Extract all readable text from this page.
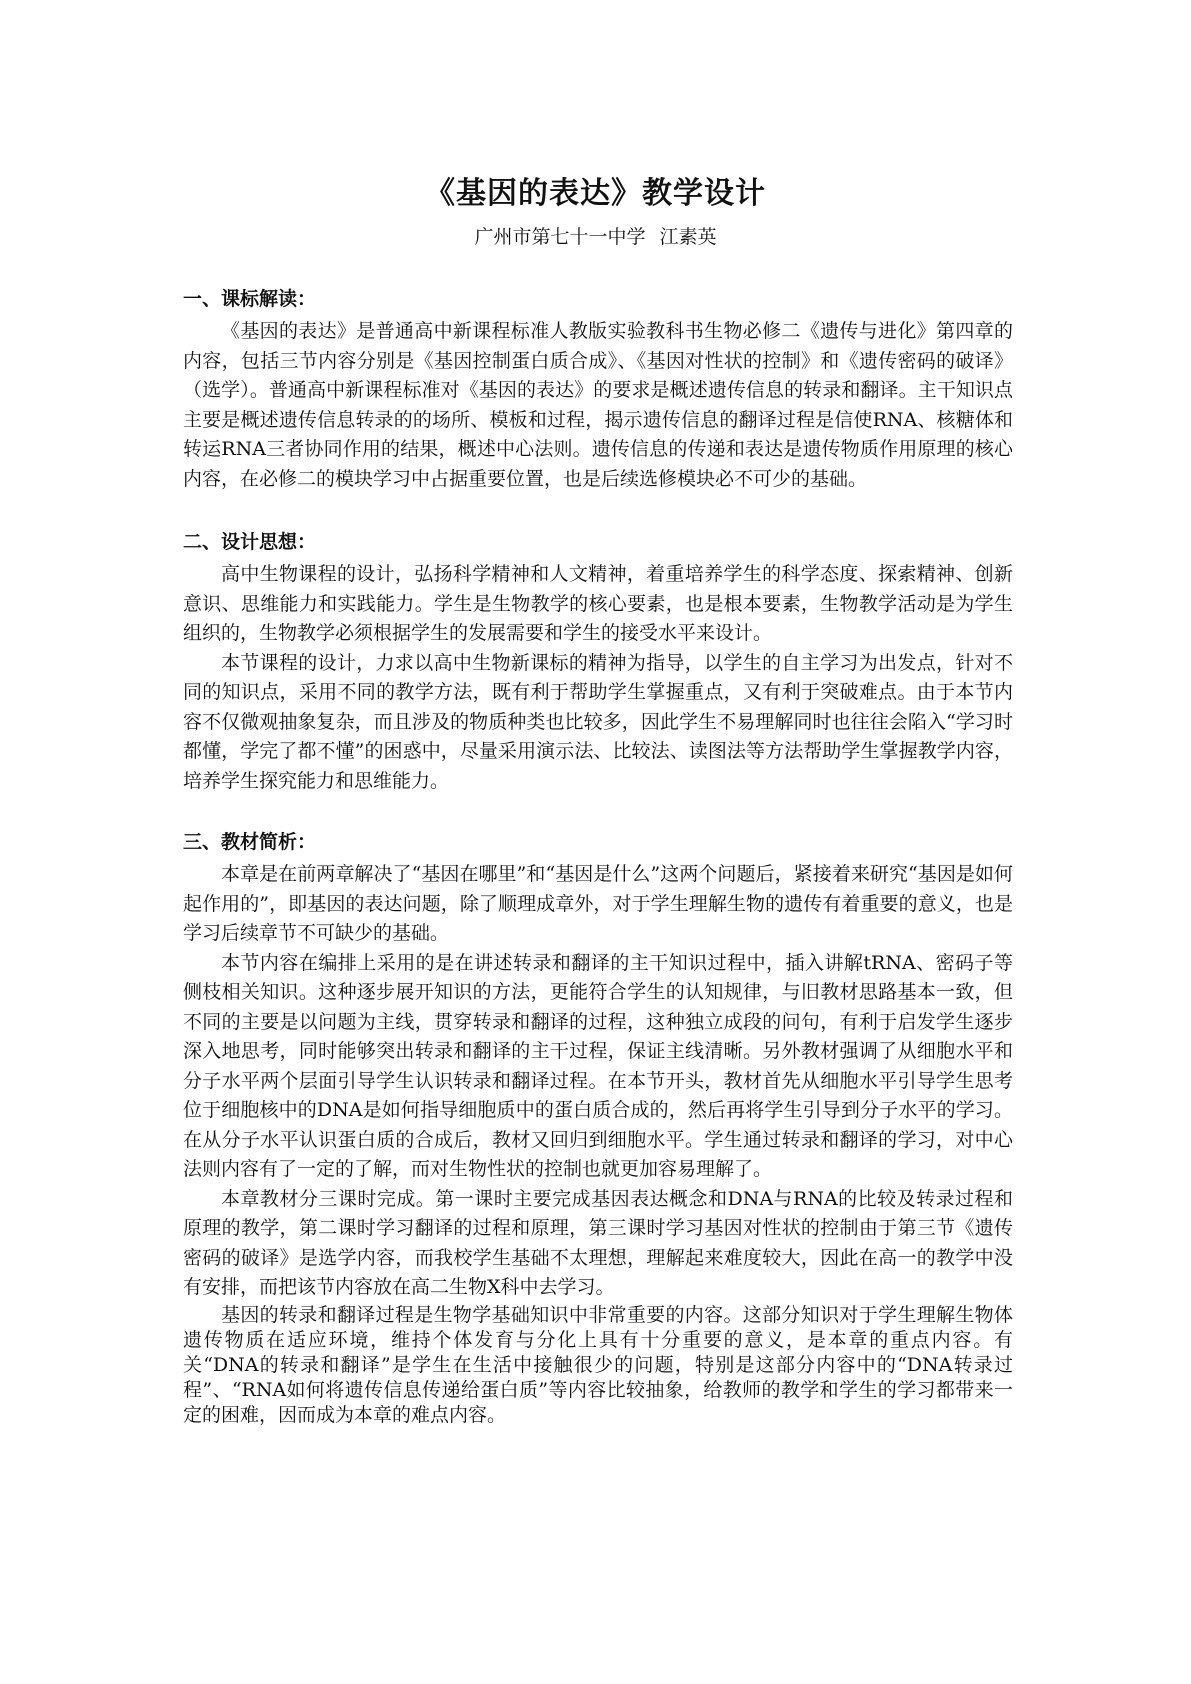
《基因的表达》教学设计

广州市第七十一中学 江素英

一、课标解读：

《基因的表达》是普通高中新课程标准人教版实验教科书生物必修二《遗传与进化》第四章的内容，包括三节内容分别是《基因控制蛋白质合成》、《基因对性状的控制》和《遗传密码的破译》（选学）。普通高中新课程标准对《基因的表达》的要求是概述遗传信息的转录和翻译。主干知识点主要是概述遗传信息转录的的场所、模板和过程，揭示遗传信息的翻译过程是信使RNA、核糖体和转运RNA三者协同作用的结果，概述中心法则。遗传信息的传递和表达是遗传物质作用原理的核心内容，在必修二的模块学习中占据重要位置，也是后续选修模块必不可少的基础。

二、设计思想：

高中生物课程的设计，弘扬科学精神和人文精神，着重培养学生的科学态度、探索精神、创新意识、思维能力和实践能力。学生是生物教学的核心要素，也是根本要素，生物教学活动是为学生组织的，生物教学必须根据学生的发展需要和学生的接受水平来设计。

本节课程的设计，力求以高中生物新课标的精神为指导，以学生的自主学习为出发点，针对不同的知识点，采用不同的教学方法，既有利于帮助学生掌握重点，又有利于突破难点。由于本节内容不仅微观抽象复杂，而且涉及的物质种类也比较多，因此学生不易理解同时也往往会陷入“学习时都懂，学完了都不懂”的困惑中，尽量采用演示法、比较法、读图法等方法帮助学生掌握教学内容，培养学生探究能力和思维能力。

三、教材简析：

本章是在前两章解决了“基因在哪里”和“基因是什么”这两个问题后，紧接着来研究“基因是如何起作用的”，即基因的表达问题，除了顺理成章外，对于学生理解生物的遗传有着重要的意义，也是学习后续章节不可缺少的基础。

本节内容在编排上采用的是在讲述转录和翻译的主干知识过程中，插入讲解tRNA、密码子等侧枝相关知识。这种逐步展开知识的方法，更能符合学生的认知规律，与旧教材思路基本一致，但不同的主要是以问题为主线，贯穿转录和翻译的过程，这种独立成段的问句，有利于启发学生逐步深入地思考，同时能够突出转录和翻译的主干过程，保证主线清晰。另外教材强调了从细胞水平和分子水平两个层面引导学生认识转录和翻译过程。在本节开头，教材首先从细胞水平引导学生思考位于细胞核中的DNA是如何指导细胞质中的蛋白质合成的，然后再将学生引导到分子水平的学习。在从分子水平认识蛋白质的合成后，教材又回归到细胞水平。学生通过转录和翻译的学习，对中心法则内容有了一定的了解，而对生物性状的控制也就更加容易理解了。

本章教材分三课时完成。第一课时主要完成基因表达概念和DNA与RNA的比较及转录过程和原理的教学，第二课时学习翻译的过程和原理，第三课时学习基因对性状的控制由于第三节《遗传密码的破译》是选学内容，而我校学生基础不太理想，理解起来难度较大，因此在高一的教学中没有安排，而把该节内容放在高二生物X科中去学习。

基因的转录和翻译过程是生物学基础知识中非常重要的内容。这部分知识对于学生理解生物体遗传物质在适应环境，维持个体发育与分化上具有十分重要的意义，是本章的重点内容。有关“DNA的转录和翻译”是学生在生活中接触很少的问题，特别是这部分内容中的“DNA转录过程”、“RNA如何将遗传信息传递给蛋白质”等内容比较抽象，给教师的教学和学生的学习都带来一定的困难，因而成为本章的难点内容。
